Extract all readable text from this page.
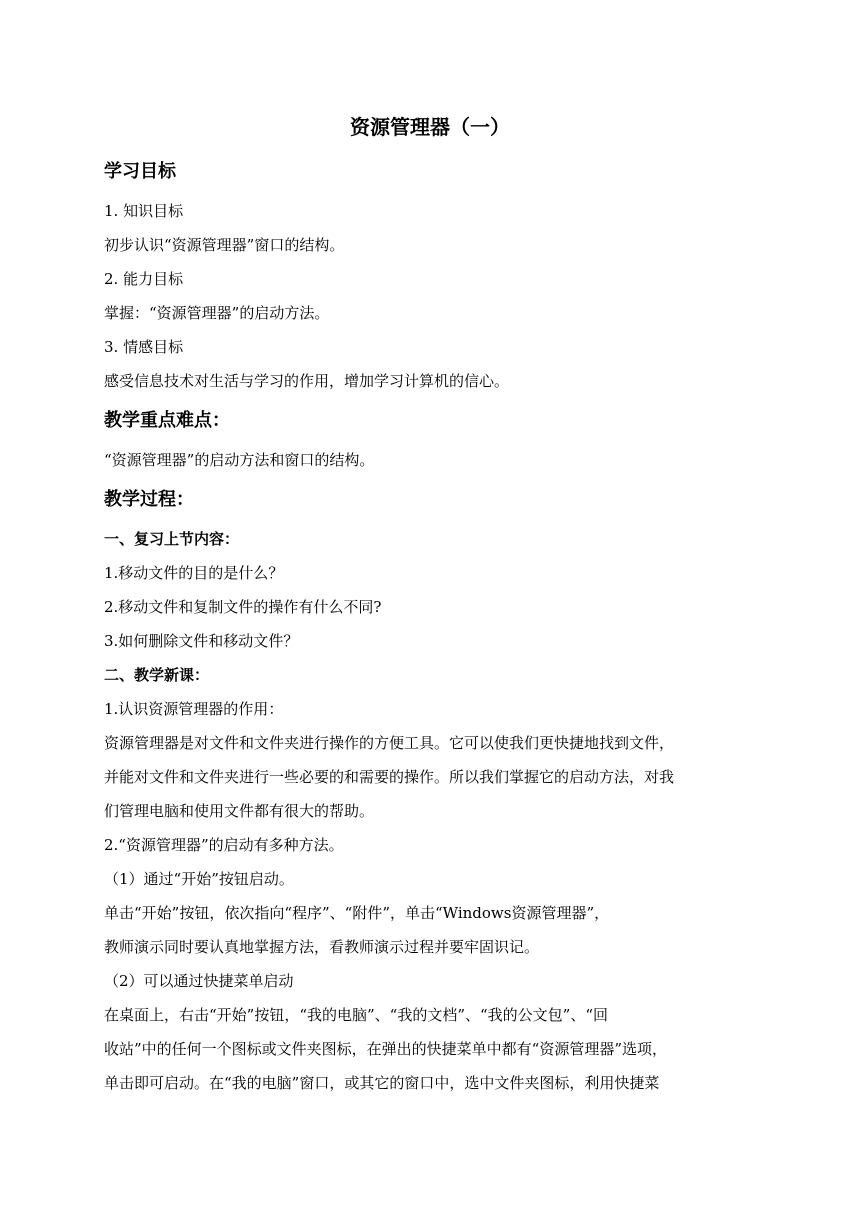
资源管理器（一）
学习目标
1. 知识目标
初步认识“资源管理器”窗口的结构。
2. 能力目标
掌握：“资源管理器”的启动方法。
3. 情感目标
感受信息技术对生活与学习的作用，增加学习计算机的信心。
教学重点难点：
“资源管理器”的启动方法和窗口的结构。
教学过程：
一、复习上节内容：
1.移动文件的目的是什么？
2.移动文件和复制文件的操作有什么不同?
3.如何删除文件和移动文件？
二、教学新课：
1.认识资源管理器的作用：
资源管理器是对文件和文件夹进行操作的方便工具。它可以使我们更快捷地找到文件，
并能对文件和文件夹进行一些必要的和需要的操作。所以我们掌握它的启动方法，对我
们管理电脑和使用文件都有很大的帮助。
2.“资源管理器”的启动有多种方法。
（1）通过“开始”按钮启动。
单击“开始”按钮，依次指向“程序”、“附件”，单击“Windows资源管理器”，
教师演示同时要认真地掌握方法，看教师演示过程并要牢固识记。
（2）可以通过快捷菜单启动
在桌面上，右击“开始”按钮，“我的电脑”、“我的文档”、“我的公文包”、“回
收站”中的任何一个图标或文件夹图标，在弹出的快捷菜单中都有“资源管理器”选项，
单击即可启动。在“我的电脑”窗口，或其它的窗口中，选中文件夹图标，利用快捷菜
